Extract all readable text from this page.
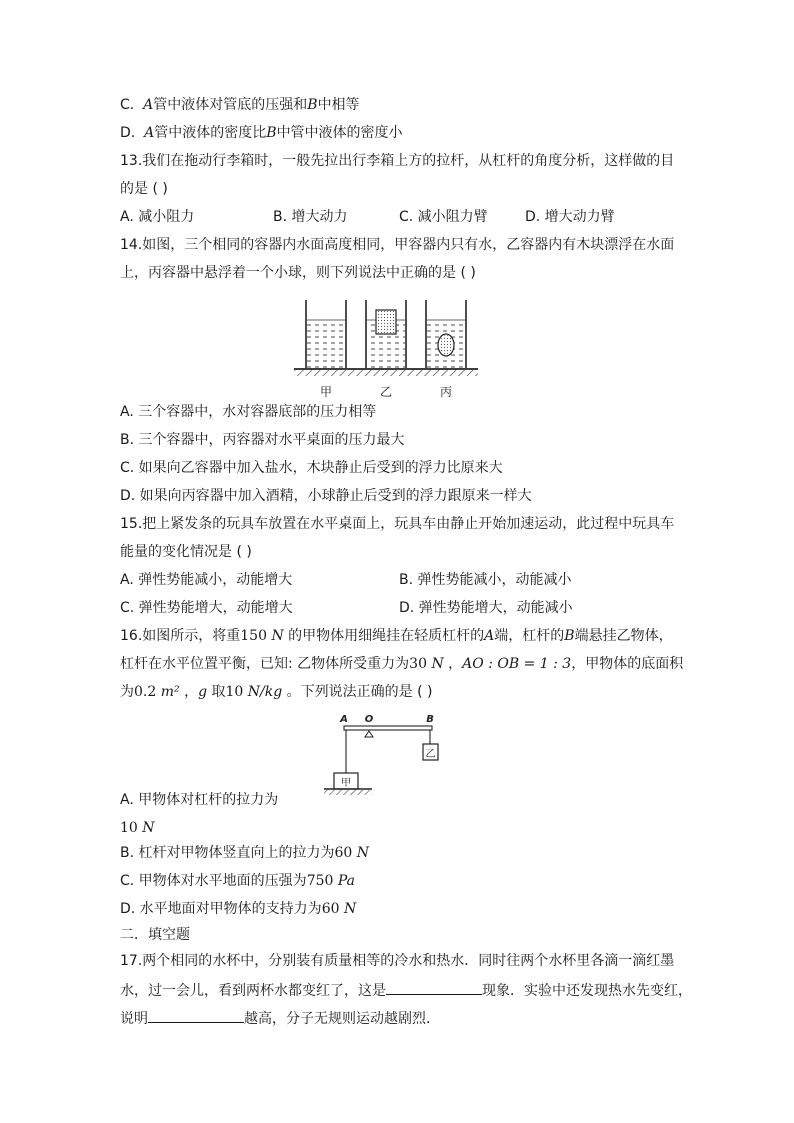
C. A管中液体对管底的压强和B中相等
D. A管中液体的密度比B中管中液体的密度小
13.我们在拖动行李箱时，一般先拉出行李箱上方的拉杆，从杠杆的角度分析，这样做的目
的是 ( )
A. 减小阻力	B. 增大动力	C. 减小阻力臂	D. 增大动力臂
14.如图，三个相同的容器内水面高度相同，甲容器内只有水，乙容器内有木块漂浮在水面
上，丙容器中悬浮着一个小球，则下列说法中正确的是 ( )
甲	乙	丙
A. 三个容器中，水对容器底部的压力相等
B. 三个容器中，丙容器对水平桌面的压力最大
C. 如果向乙容器中加入盐水，木块静止后受到的浮力比原来大
D. 如果向丙容器中加入酒精，小球静止后受到的浮力跟原来一样大
15.把上紧发条的玩具车放置在水平桌面上，玩具车由静止开始加速运动，此过程中玩具车
能量的变化情况是 ( )
A. 弹性势能减小，动能增大	B. 弹性势能减小，动能减小
C. 弹性势能增大，动能增大	D. 弹性势能增大，动能减小
16.如图所示，将重150 N 的甲物体用细绳挂在轻质杠杆的A端，杠杆的B端悬挂乙物体，
杠杆在水平位置平衡，已知: 乙物体所受重力为30 N ，AO : OB = 1 : 3，甲物体的底面积
为0.2 m² ，g 取10 N/kg 。下列说法正确的是 ( )
A O	B
乙
甲
A. 甲物体对杠杆的拉力为
10 N
B. 杠杆对甲物体竖直向上的拉力为60 N
C. 甲物体对水平地面的压强为750 Pa
D. 水平地面对甲物体的支持力为60 N
二．填空题
17.两个相同的水杯中，分别装有质量相等的冷水和热水．同时往两个水杯里各滴一滴红墨
水，过一会儿，看到两杯水都变红了，这是	现象．实验中还发现热水先变红，
说明	越高，分子无规则运动越剧烈．
